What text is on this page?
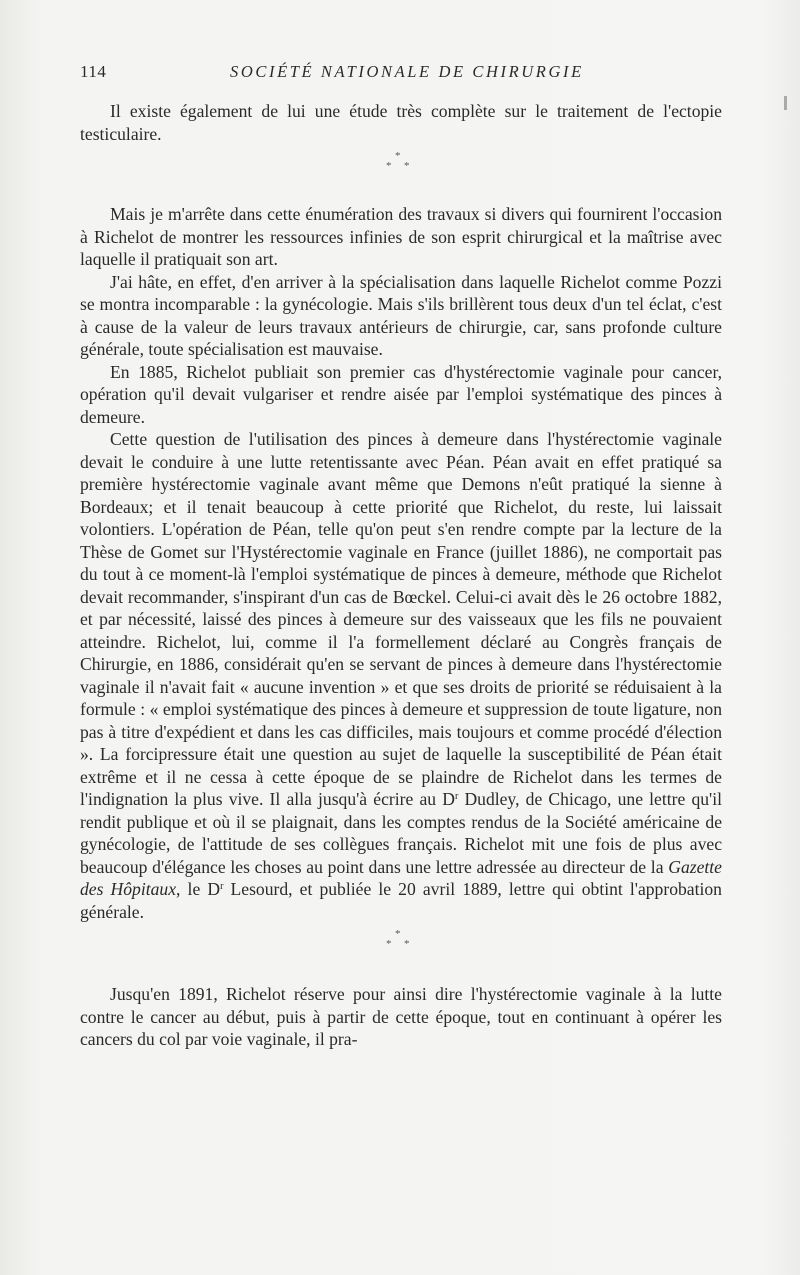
114	SOCIÉTÉ NATIONALE DE CHIRURGIE

Il existe également de lui une étude très complète sur le traitement de l'ectopie testiculaire.

*
* *

Mais je m'arrête dans cette énumération des travaux si divers qui fournirent l'occasion à Richelot de montrer les ressources infinies de son esprit chirurgical et la maîtrise avec laquelle il pratiquait son art.

J'ai hâte, en effet, d'en arriver à la spécialisation dans laquelle Richelot comme Pozzi se montra incomparable : la gynécologie. Mais s'ils brillèrent tous deux d'un tel éclat, c'est à cause de la valeur de leurs travaux antérieurs de chirurgie, car, sans profonde culture générale, toute spécialisation est mauvaise.

En 1885, Richelot publiait son premier cas d'hystérectomie vaginale pour cancer, opération qu'il devait vulgariser et rendre aisée par l'emploi systématique des pinces à demeure.

Cette question de l'utilisation des pinces à demeure dans l'hystérectomie vaginale devait le conduire à une lutte retentissante avec Péan. Péan avait en effet pratiqué sa première hystérectomie vaginale avant même que Demons n'eût pratiqué la sienne à Bordeaux; et il tenait beaucoup à cette priorité que Richelot, du reste, lui laissait volontiers. L'opération de Péan, telle qu'on peut s'en rendre compte par la lecture de la Thèse de Gomet sur l'Hystérectomie vaginale en France (juillet 1886), ne comportait pas du tout à ce moment-là l'emploi systématique de pinces à demeure, méthode que Richelot devait recommander, s'inspirant d'un cas de Bœckel. Celui-ci avait dès le 26 octobre 1882, et par nécessité, laissé des pinces à demeure sur des vaisseaux que les fils ne pouvaient atteindre. Richelot, lui, comme il l'a formellement déclaré au Congrès français de Chirurgie, en 1886, considérait qu'en se servant de pinces à demeure dans l'hystérectomie vaginale il n'avait fait « aucune invention » et que ses droits de priorité se réduisaient à la formule : « emploi systématique des pinces à demeure et suppression de toute ligature, non pas à titre d'expédient et dans les cas difficiles, mais toujours et comme procédé d'élection ». La forcipressure était une question au sujet de laquelle la susceptibilité de Péan était extrême et il ne cessa à cette époque de se plaindre de Richelot dans les termes de l'indignation la plus vive. Il alla jusqu'à écrire au $D^r$ Dudley, de Chicago, une lettre qu'il rendit publique et où il se plaignait, dans les comptes rendus de la Société américaine de gynécologie, de l'attitude de ses collègues français. Richelot mit une fois de plus avec beaucoup d'élégance les choses au point dans une lettre adressée au directeur de la Gazette des Hôpitaux, le $D^r$ Lesourd, et publiée le 20 avril 1889, lettre qui obtint l'approbation générale.

*
* *

Jusqu'en 1891, Richelot réserve pour ainsi dire l'hystérectomie vaginale à la lutte contre le cancer au début, puis à partir de cette époque, tout en continuant à opérer les cancers du col par voie vaginale, il pra-
